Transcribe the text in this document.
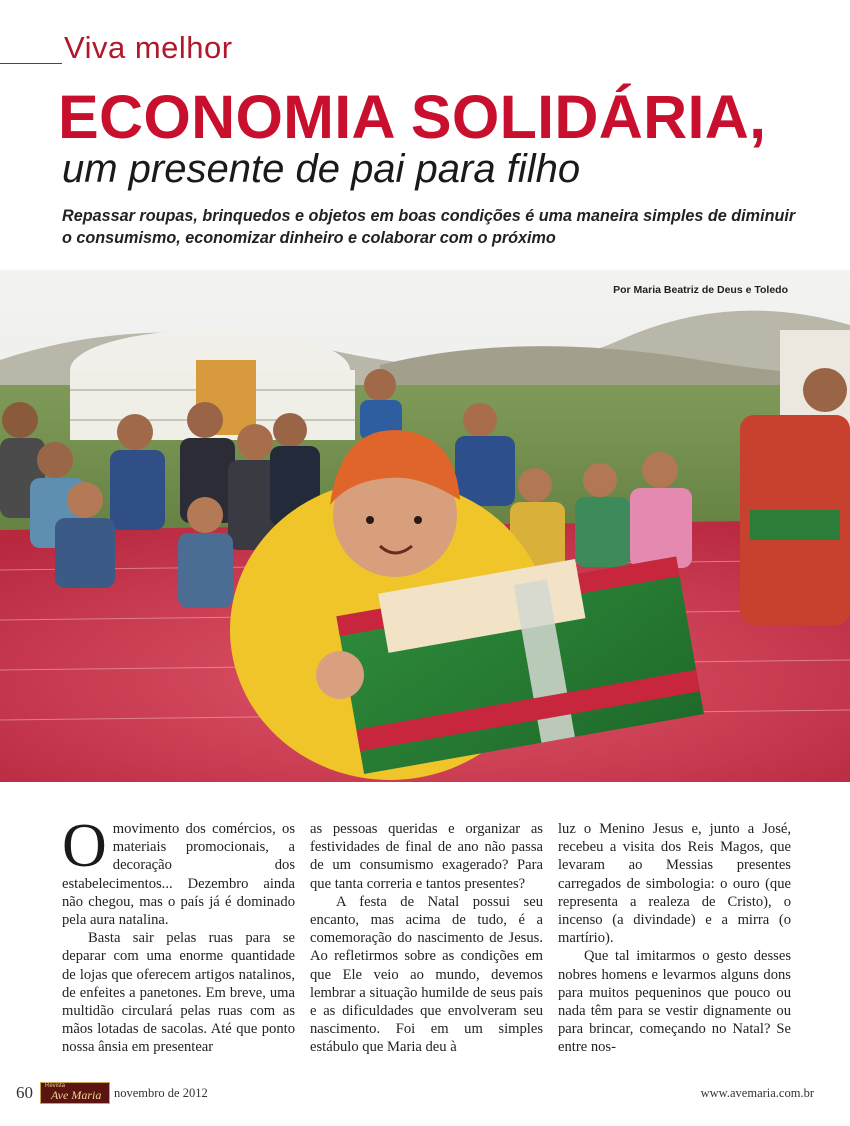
Viva melhor
ECONOMIA SOLIDÁRIA,
um presente de pai para filho
Repassar roupas, brinquedos e objetos em boas condições é uma maneira simples de diminuir o consumismo, economizar dinheiro e colaborar com o próximo
Por Maria Beatriz de Deus e Toledo

O movimento dos comércios, os materiais promocionais, a decoração dos estabelecimentos... Dezembro ainda não chegou, mas o país já é dominado pela aura natalina.

Basta sair pelas ruas para se deparar com uma enorme quantidade de lojas que oferecem artigos natalinos, de enfeites a panetones. Em breve, uma multidão circulará pelas ruas com as mãos lotadas de sacolas. Até que ponto nossa ânsia em presentear

as pessoas queridas e organizar as festividades de final de ano não passa de um consumismo exagerado? Para que tanta correria e tantos presentes?

A festa de Natal possui seu encanto, mas acima de tudo, é a comemoração do nascimento de Jesus. Ao refletirmos sobre as condições em que Ele veio ao mundo, devemos lembrar a situação humilde de seus pais e as dificuldades que envolveram seu nascimento. Foi em um simples estábulo que Maria deu à

luz o Menino Jesus e, junto a José, recebeu a visita dos Reis Magos, que levaram ao Messias presentes carregados de simbologia: o ouro (que representa a realeza de Cristo), o incenso (a divindade) e a mirra (o martírio).

Que tal imitarmos o gesto desses nobres homens e levarmos alguns dons para muitos pequeninos que pouco ou nada têm para se vestir dignamente ou para brincar, começando no Natal? Se entre nos-

60 Revista
Ave Maria novembro de 2012	www.avemaria.com.br
